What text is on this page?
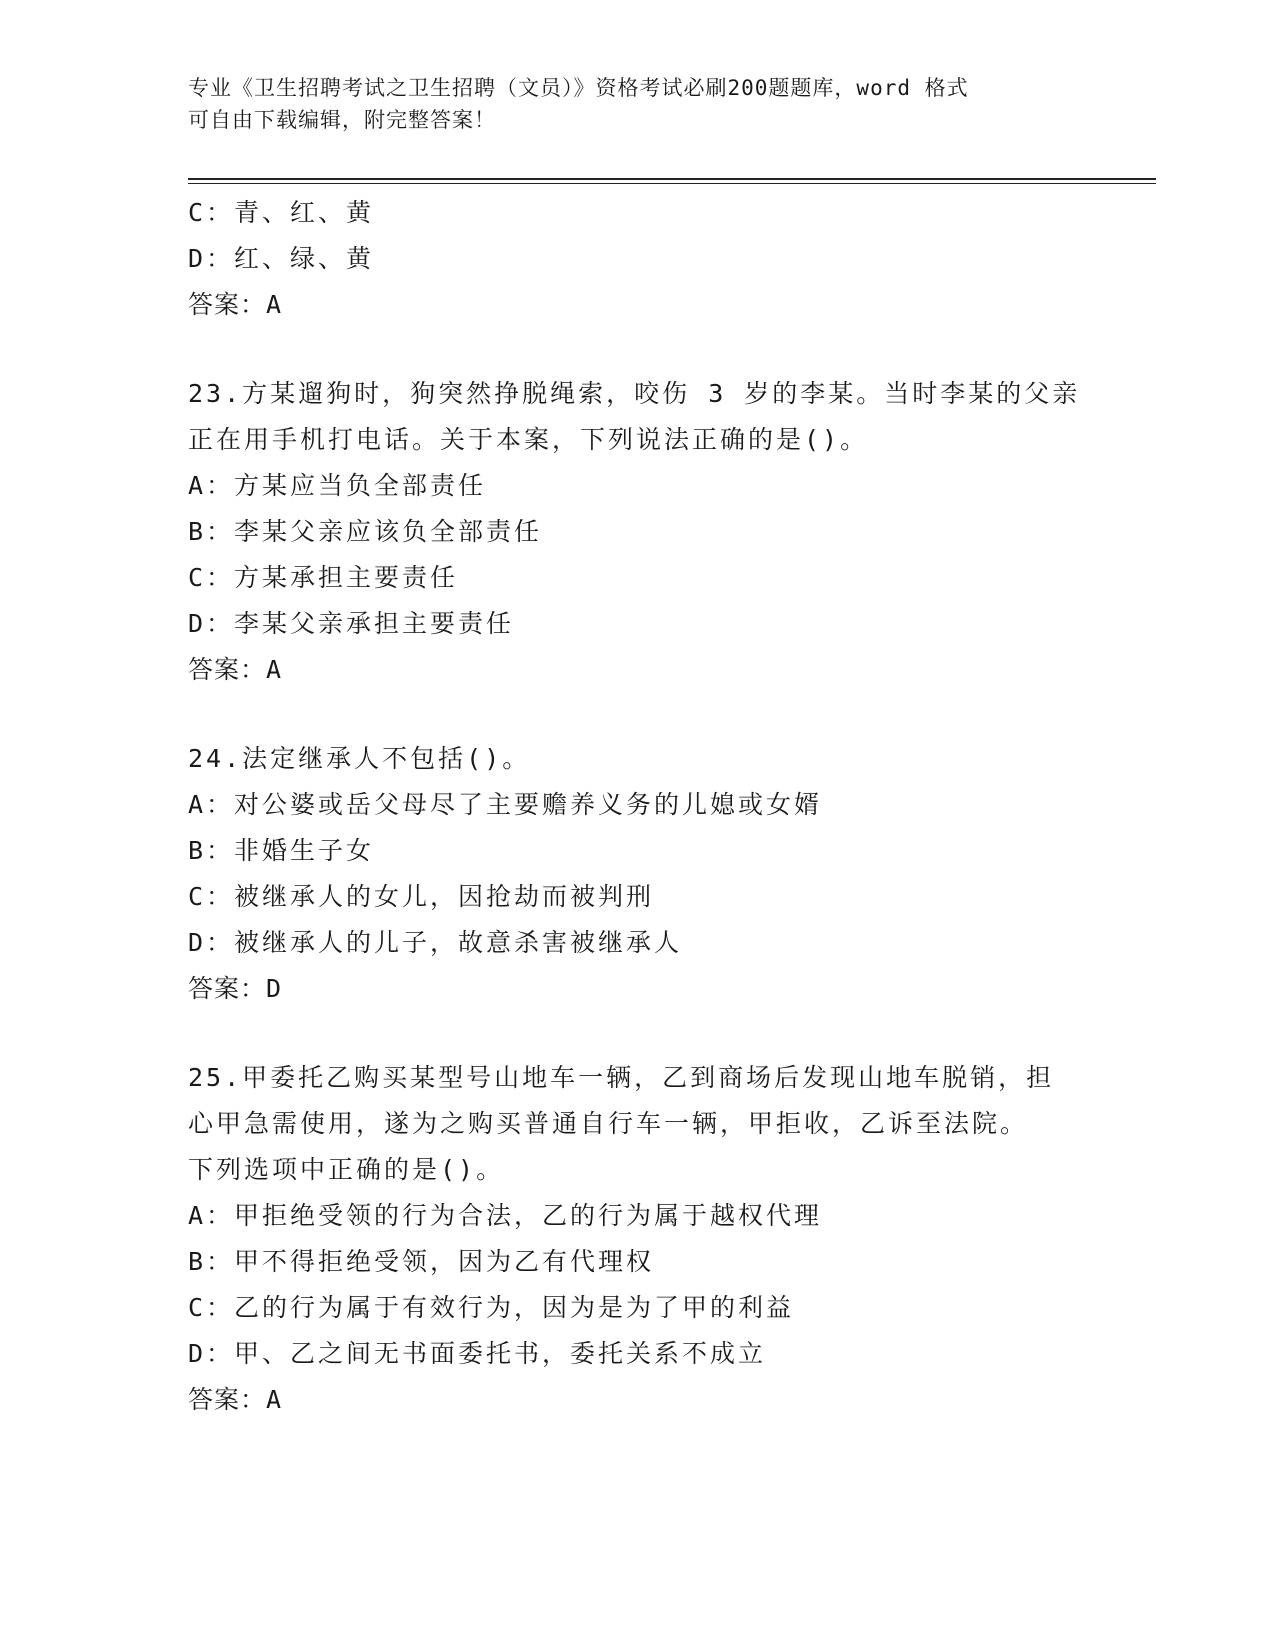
专业《卫生招聘考试之卫生招聘（文员）》资格考试必刷200题题库，word 格式
可自由下载编辑，附完整答案！
C：青、红、黄
D：红、绿、黄
答案：A
23.方某遛狗时，狗突然挣脱绳索，咬伤 3 岁的李某。当时李某的父亲
正在用手机打电话。关于本案，下列说法正确的是()。
A：方某应当负全部责任
B：李某父亲应该负全部责任
C：方某承担主要责任
D：李某父亲承担主要责任
答案：A
24.法定继承人不包括()。
A：对公婆或岳父母尽了主要赡养义务的儿媳或女婿
B：非婚生子女
C：被继承人的女儿，因抢劫而被判刑
D：被继承人的儿子，故意杀害被继承人
答案：D
25.甲委托乙购买某型号山地车一辆，乙到商场后发现山地车脱销，担
心甲急需使用，遂为之购买普通自行车一辆，甲拒收，乙诉至法院。
下列选项中正确的是()。
A：甲拒绝受领的行为合法，乙的行为属于越权代理
B：甲不得拒绝受领，因为乙有代理权
C：乙的行为属于有效行为，因为是为了甲的利益
D：甲、乙之间无书面委托书，委托关系不成立
答案：A
